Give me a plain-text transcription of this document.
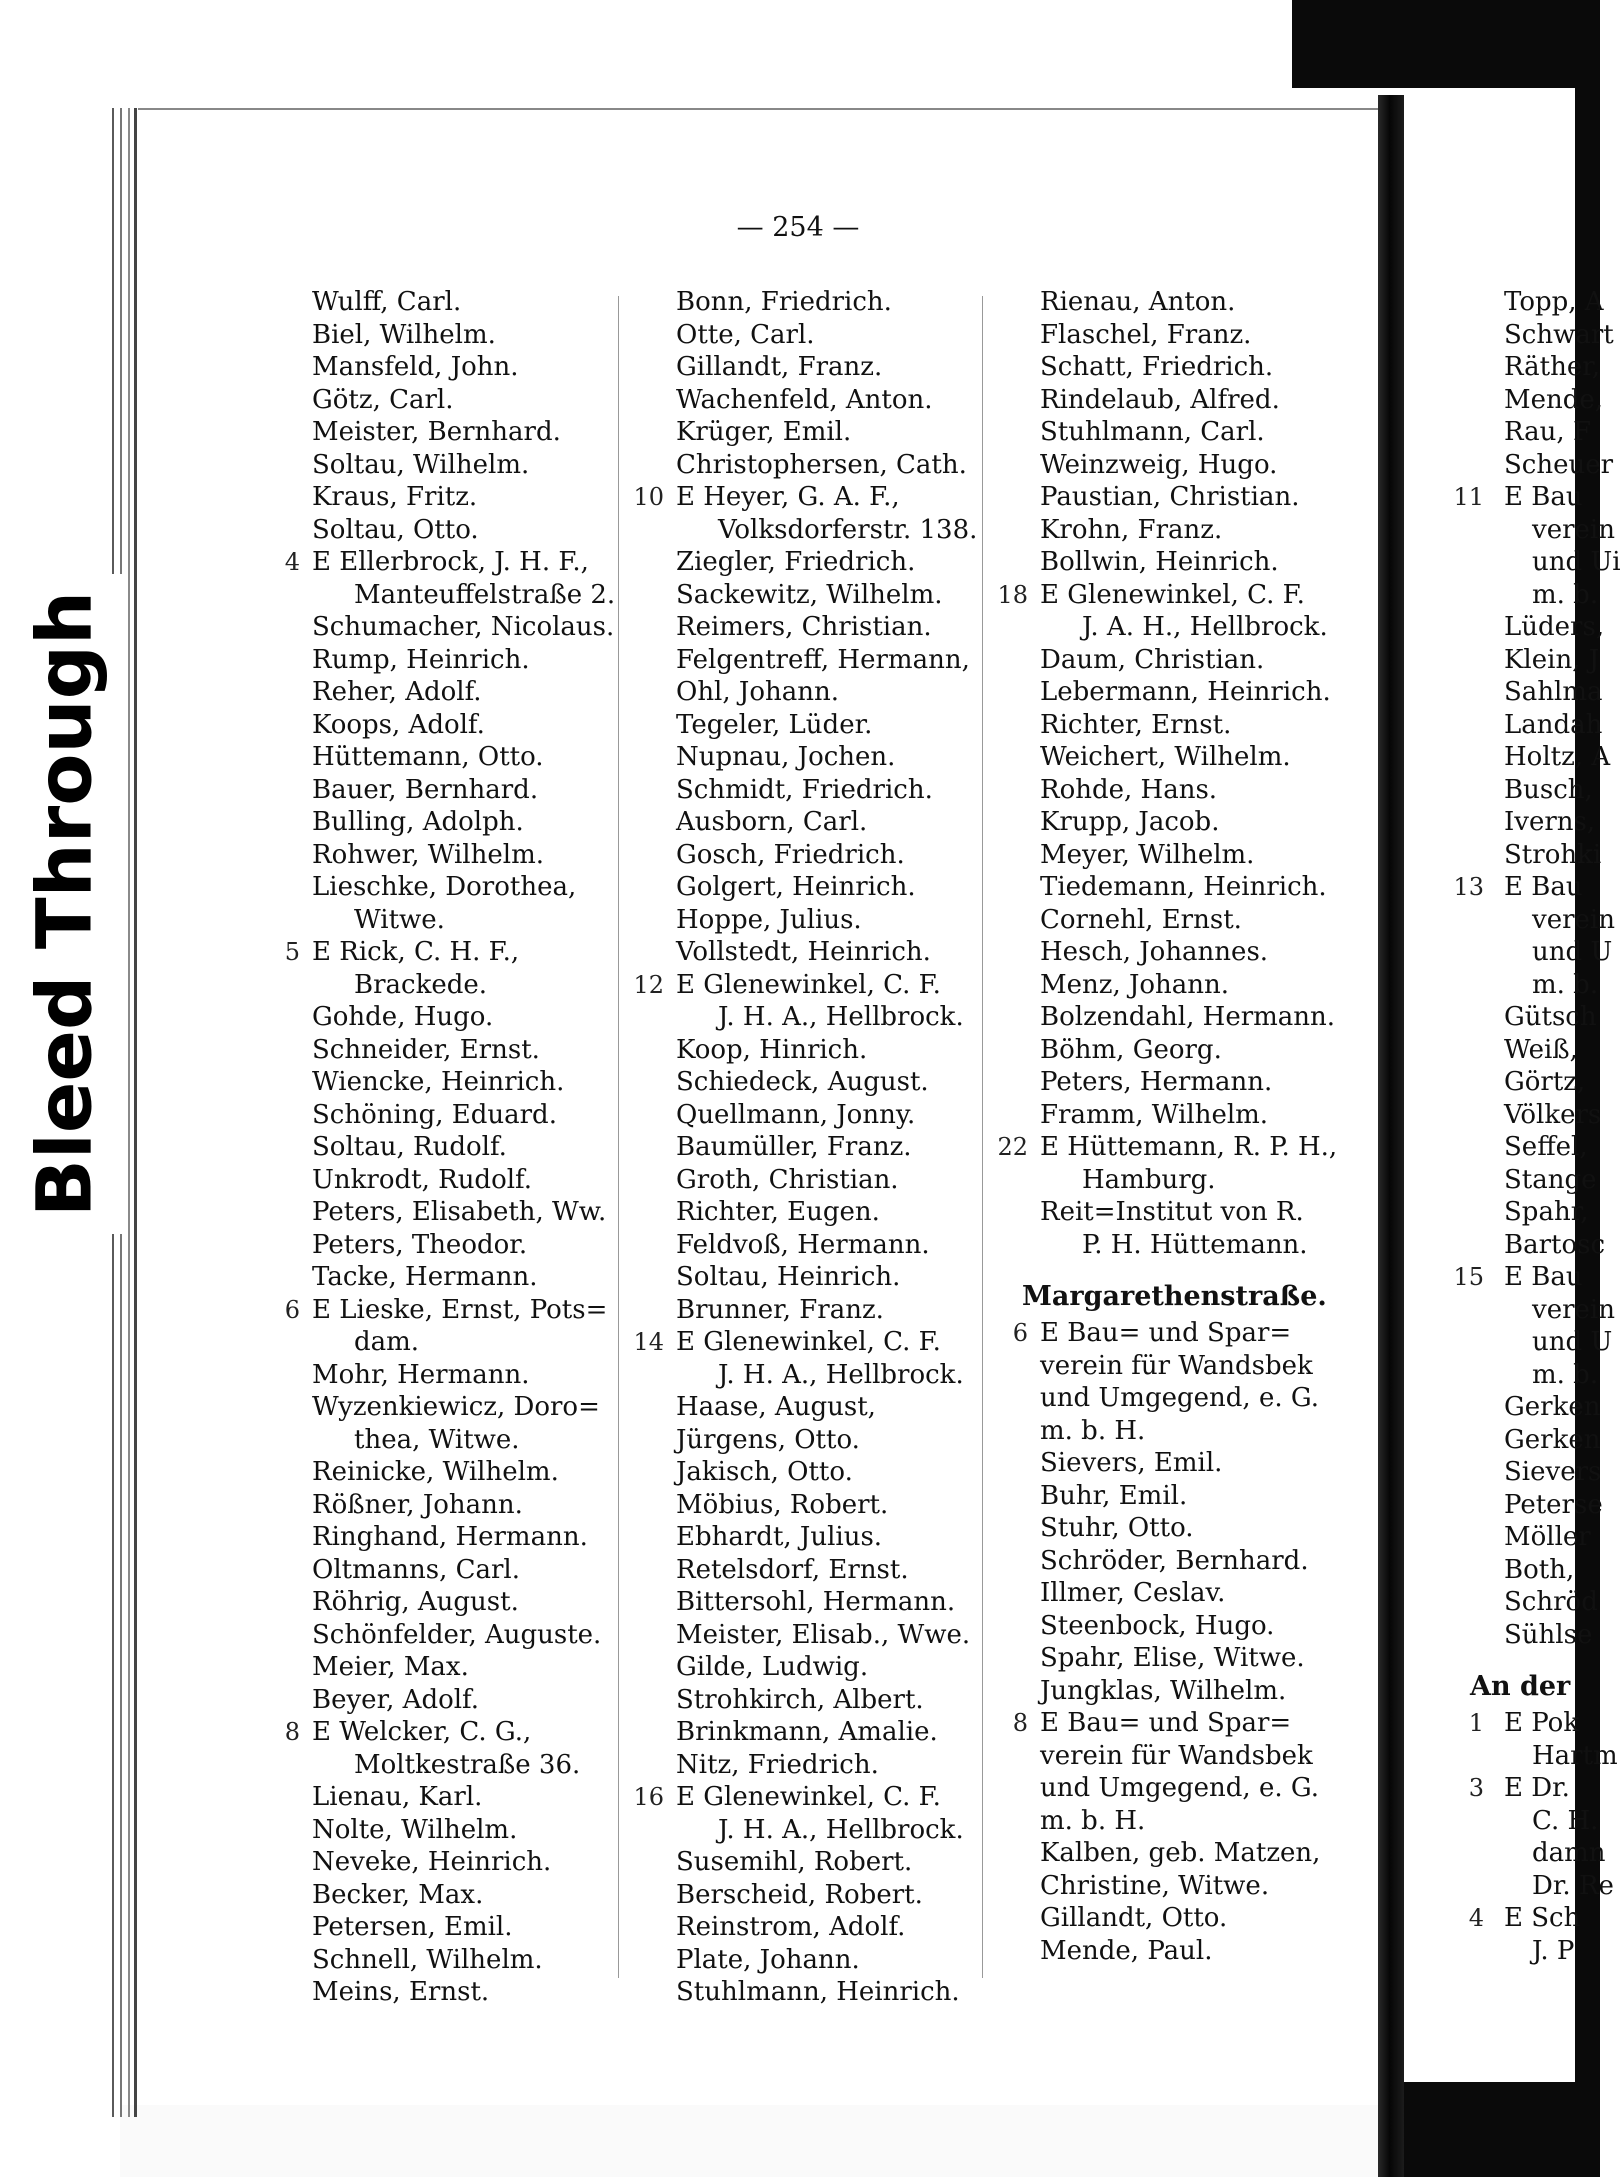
Bleed Through
— 254 —
Wulff, Carl.
Biel, Wilhelm.
Mansfeld, John.
Götz, Carl.
Meister, Bernhard.
Soltau, Wilhelm.
Kraus, Fritz.
Soltau, Otto.
4 E Ellerbrock, J. H. F.,
Manteuffelstraße 2.
Schumacher, Nicolaus.
Rump, Heinrich.
Reher, Adolf.
Koops, Adolf.
Hüttemann, Otto.
Bauer, Bernhard.
Bulling, Adolph.
Rohwer, Wilhelm.
Lieschke, Dorothea,
Witwe.
5 E Rick, C. H. F.,
Brackede.
Gohde, Hugo.
Schneider, Ernst.
Wiencke, Heinrich.
Schöning, Eduard.
Soltau, Rudolf.
Unkrodt, Rudolf.
Peters, Elisabeth, Ww.
Peters, Theodor.
Tacke, Hermann.
6 E Lieske, Ernst, Pots=
dam.
Mohr, Hermann.
Wyzenkiewicz, Doro=
thea, Witwe.
Reinicke, Wilhelm.
Rößner, Johann.
Ringhand, Hermann.
Oltmanns, Carl.
Röhrig, August.
Schönfelder, Auguste.
Meier, Max.
Beyer, Adolf.
8 E Welcker, C. G.,
Moltkestraße 36.
Lienau, Karl.
Nolte, Wilhelm.
Neveke, Heinrich.
Becker, Max.
Petersen, Emil.
Schnell, Wilhelm.
Meins, Ernst.
Bonn, Friedrich.
Otte, Carl.
Gillandt, Franz.
Wachenfeld, Anton.
Krüger, Emil.
Christophersen, Cath.
10 E Heyer, G. A. F.,
Volksdorferstr. 138.
Ziegler, Friedrich.
Sackewitz, Wilhelm.
Reimers, Christian.
Felgentreff, Hermann,
Ohl, Johann.
Tegeler, Lüder.
Nupnau, Jochen.
Schmidt, Friedrich.
Ausborn, Carl.
Gosch, Friedrich.
Golgert, Heinrich.
Hoppe, Julius.
Vollstedt, Heinrich.
12 E Glenewinkel, C. F.
J. H. A., Hellbrock.
Koop, Hinrich.
Schiedeck, August.
Quellmann, Jonny.
Baumüller, Franz.
Groth, Christian.
Richter, Eugen.
Feldvoß, Hermann.
Soltau, Heinrich.
Brunner, Franz.
14 E Glenewinkel, C. F.
J. H. A., Hellbrock.
Haase, August,
Jürgens, Otto.
Jakisch, Otto.
Möbius, Robert.
Ebhardt, Julius.
Retelsdorf, Ernst.
Bittersohl, Hermann.
Meister, Elisab., Wwe.
Gilde, Ludwig.
Strohkirch, Albert.
Brinkmann, Amalie.
Nitz, Friedrich.
16 E Glenewinkel, C. F.
J. H. A., Hellbrock.
Susemihl, Robert.
Berscheid, Robert.
Reinstrom, Adolf.
Plate, Johann.
Stuhlmann, Heinrich.
Rienau, Anton.
Flaschel, Franz.
Schatt, Friedrich.
Rindelaub, Alfred.
Stuhlmann, Carl.
Weinzweig, Hugo.
Paustian, Christian.
Krohn, Franz.
Bollwin, Heinrich.
18 E Glenewinkel, C. F.
J. A. H., Hellbrock.
Daum, Christian.
Lebermann, Heinrich.
Richter, Ernst.
Weichert, Wilhelm.
Rohde, Hans.
Krupp, Jacob.
Meyer, Wilhelm.
Tiedemann, Heinrich.
Cornehl, Ernst.
Hesch, Johannes.
Menz, Johann.
Bolzendahl, Hermann.
Böhm, Georg.
Peters, Hermann.
Framm, Wilhelm.
22 E Hüttemann, R. P. H.,
Hamburg.
Reit=Institut von R.
P. H. Hüttemann.
Margarethenstraße.
6 E Bau= und Spar=
verein für Wandsbek
und Umgegend, e. G.
m. b. H.
Sievers, Emil.
Buhr, Emil.
Stuhr, Otto.
Schröder, Bernhard.
Illmer, Ceslav.
Steenbock, Hugo.
Spahr, Elise, Witwe.
Jungklas, Wilhelm.
8 E Bau= und Spar=
verein für Wandsbek
und Umgegend, e. G.
m. b. H.
Kalben, geb. Matzen,
Christine, Witwe.
Gillandt, Otto.
Mende, Paul.
Topp, A
Schwart
Räther,
Mende,
Rau, F
Scheuer
11 E Bau
verein
und Ui
m. b.
Lüders,
Klein, J
Sahlma
Landah
Holtz, A
Busch,
Iverns,
Strohki
13 E Bau
verein
und U
m. b.
Gütsch
Weiß,
Görtz,
Völkers
Seffel,
Stange
Spahr,
Bartosc
15 E Bau
verein
und U
m. b.
Gerken
Gerken
Sievers
Peterse
Möller
Both,
Schröd
Sühlse
An der
1 E Pok
Hartm
3 E Dr.
C. H.
damn
Dr. Re
4 E Sch
J. P
